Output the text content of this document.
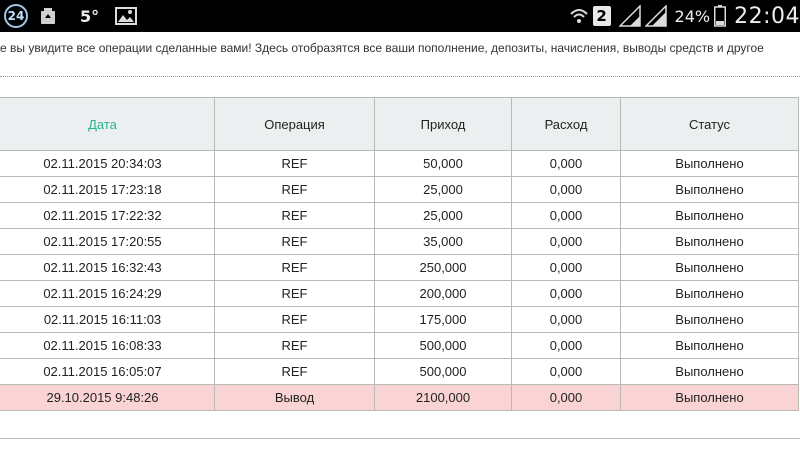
24	5°	2	24% 22:04
е вы увидите все операции сделанные вами! Здесь отобразятся все ваши пополнение, депозиты, начисления, выводы средств и другое
Дата	Операция	Приход	Расход	Статус
02.11.2015 20:34:03	REF	50,000	0,000	Выполнено
02.11.2015 17:23:18	REF	25,000	0,000	Выполнено
02.11.2015 17:22:32	REF	25,000	0,000	Выполнено
02.11.2015 17:20:55	REF	35,000	0,000	Выполнено
02.11.2015 16:32:43	REF	250,000	0,000	Выполнено
02.11.2015 16:24:29	REF	200,000	0,000	Выполнено
02.11.2015 16:11:03	REF	175,000	0,000	Выполнено
02.11.2015 16:08:33	REF	500,000	0,000	Выполнено
02.11.2015 16:05:07	REF	500,000	0,000	Выполнено
29.10.2015 9:48:26	Вывод	2100,000	0,000	Выполнено
